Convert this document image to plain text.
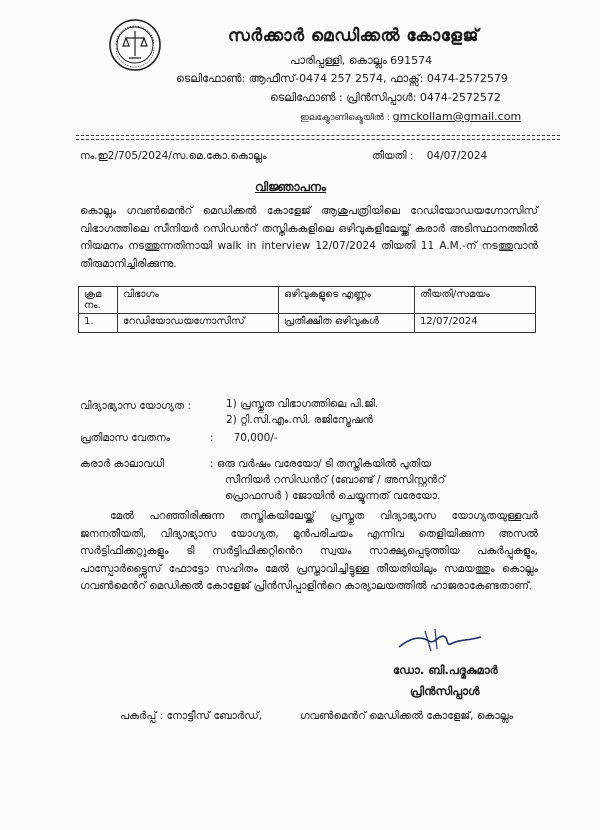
സർക്കാർ മെഡിക്കൽ കോളേജ്
പാരിപ്പള്ളി, കൊല്ലം 691574
ടെലിഫോൺ: ആഫീസ്-0474 257 2574, ഫാക്സ്: 0474-2572579
ടെലിഫോൺ : പ്രിൻസിപ്പാൾ: 0474-2572572
ഇലക്ട്രോണിക്മെയിൽ : gmckollam@gmail.com
നം.ഇ2/705/2024/സ.മെ.കോ.കൊല്ലം	തീയതി : 04/07/2024
വിജ്ഞാപനം
കൊല്ലം ഗവൺമെൻറ് മെഡിക്കൽ കോളേജ് ആശുപത്രിയിലെ റേഡിയോഡയഗ്നോസിസ് വിഭാഗത്തിലെ സീനിയർ റസിഡൻറ് തസ്തികകളിലെ ഒഴിവുകളിലേയ്ക്ക് കരാർ അടിസ്ഥാനത്തിൽ നിയമനം നടത്തുന്നതിനായി walk in interview 12/07/2024 തിയതി 11 A.M.-ന് നടത്തുവാൻ തീരുമാനിച്ചിരിക്കുന്നു.
ക്രമ നം.	വിഭാഗം	ഒഴിവുകളുടെ എണ്ണം	തീയതി/സമയം
1.	റേഡിയോഡയഗ്നോസിസ്	പ്രതീക്ഷിത ഒഴിവുകൾ	12/07/2024
വിദ്യാഭ്യാസ യോഗ്യത :	1) പ്രസ്തുത വിഭാഗത്തിലെ പി.ജി.
2) റ്റി.സി.എം.സി. രജിസ്ട്രേഷൻ
പ്രതിമാസ വേതനം	:      70,000/-
കരാർ കാലാവധി	: ഒരു വർഷം വരേയോ/ ടി തസ്തികയിൽ പുതിയ
സീനിയർ റസിഡൻറ് (ബോണ്ട് / അസിസ്റ്റൻറ്
പ്രൊഫസർ ) ജോയിൻ ചെയ്യുന്നത് വരേയോ.
മേൽ പറഞ്ഞിരിക്കുന്ന തസ്തികയിലേയ്ക്ക് പ്രസ്തുത വിദ്യാഭ്യാസ യോഗ്യതയുള്ളവർ ജനനതീയതി, വിദ്യാഭ്യാസ യോഗ്യത, മുൻപരിചയം എന്നിവ തെളിയിക്കുന്ന അസൽ സർട്ടിഫിക്കറ്റുകളും ടി സർട്ടിഫിക്കറ്റിൻെറ സ്വയം സാക്ഷ്യപ്പെടുത്തിയ പകർപ്പുകളും, പാസ്പോർട്ട്സൈസ് ഫോട്ടോ സഹിതം മേൽ പ്രസ്താവിച്ചിട്ടുള്ള തീയതിയിലും സമയത്തും കൊല്ലം ഗവൺമെൻറ് മെഡിക്കൽ കോളേജ് പ്രിൻസിപ്പാളിൻറെ കാര്യാലയത്തിൽ ഹാജരാകേണ്ടതാണ്.
ഡോ. ബി.പദ്മകുമാർ
പ്രിൻസിപ്പാൾ
പകർപ്പ് : നോട്ടീസ് ബോർഡ്,	ഗവൺമെൻറ് മെഡിക്കൽ കോളേജ്, കൊല്ലം
